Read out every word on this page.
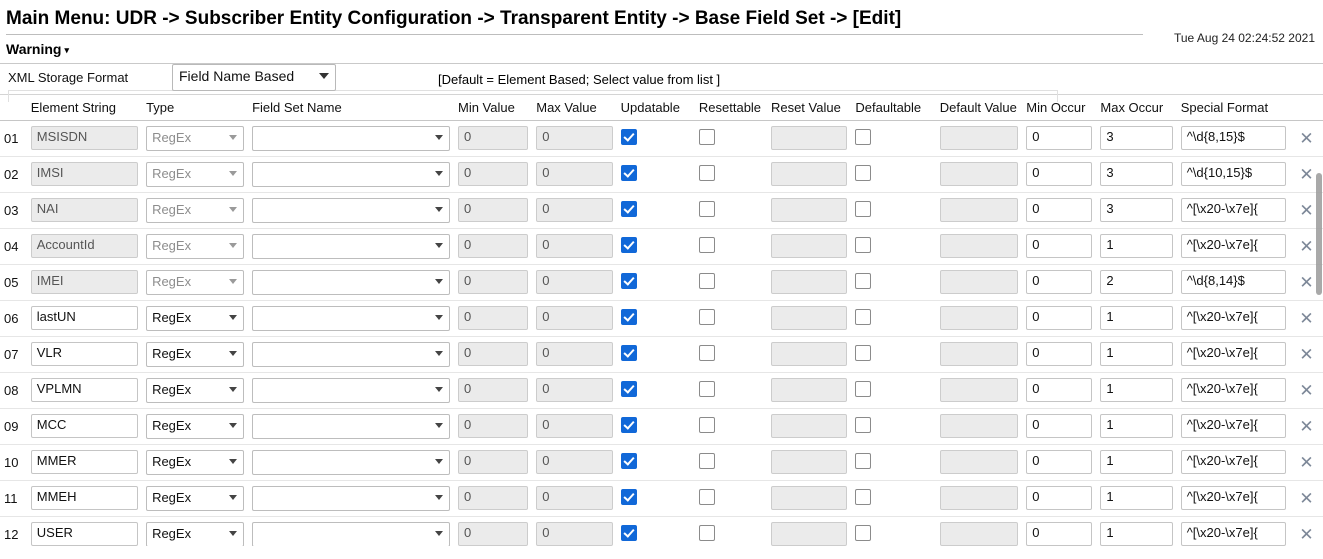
Main Menu: UDR -> Subscriber Entity Configuration -> Transparent Entity -> Base Field Set -> [Edit]
Tue Aug 24 02:24:52 2021
Warning ▾
XML Storage Format	Field Name Based	[Default = Element Based; Select value from list ]
	Element String	Type	Field Set Name	Min Value	Max Value	Updatable	Resettable	Reset Value	Defaultable	Default Value	Min Occur	Max Occur	Special Format	
01	MSISDN	RegEx		0	0						0	3	^\d{8,15}$	✕

02	IMSI	RegEx		0	0						0	3	^\d{10,15}$	✕

03	NAI	RegEx		0	0						0	3	^[\x20-\x7e]{	✕

04	AccountId	RegEx		0	0						0	1	^[\x20-\x7e]{	✕

05	IMEI	RegEx		0	0						0	2	^\d{8,14}$	✕

06	lastUN	RegEx		0	0						0	1	^[\x20-\x7e]{	✕

07	VLR	RegEx		0	0						0	1	^[\x20-\x7e]{	✕

08	VPLMN	RegEx		0	0						0	1	^[\x20-\x7e]{	✕

09	MCC	RegEx		0	0						0	1	^[\x20-\x7e]{	✕

10	MMER	RegEx		0	0						0	1	^[\x20-\x7e]{	✕

11	MMEH	RegEx		0	0						0	1	^[\x20-\x7e]{	✕

12	USER	RegEx		0	0						0	1	^[\x20-\x7e]{	✕
